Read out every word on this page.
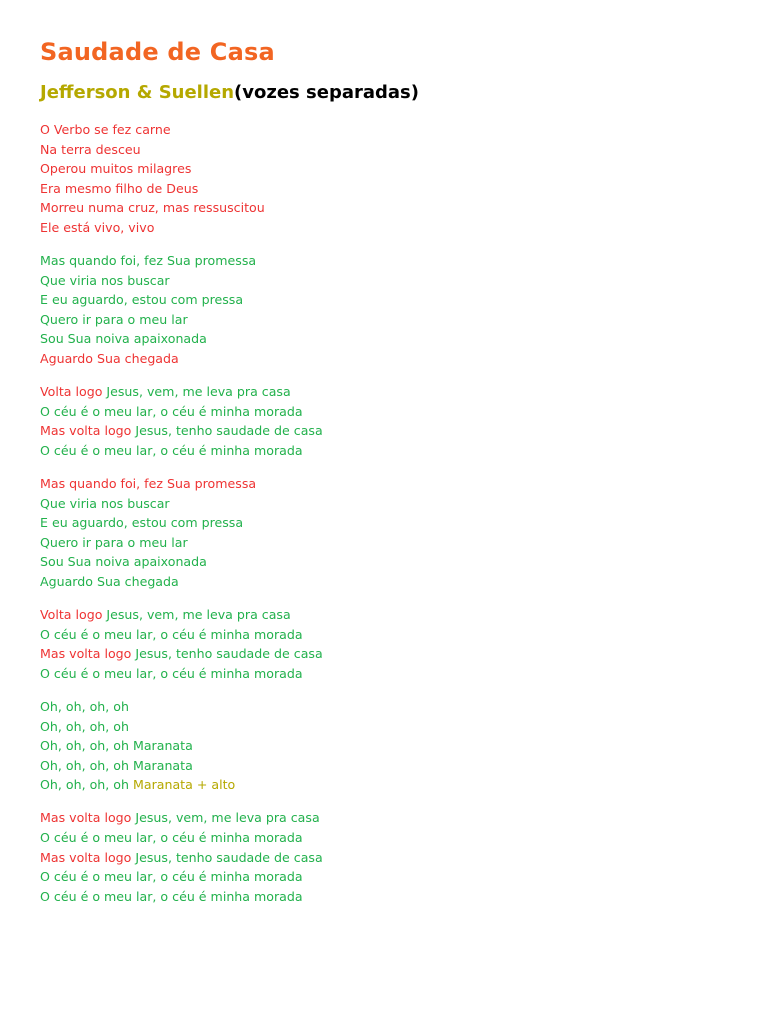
Saudade de Casa
Jefferson & Suellen(vozes separadas)
O Verbo se fez carne
Na terra desceu
Operou muitos milagres
Era mesmo filho de Deus
Morreu numa cruz, mas ressuscitou
Ele está vivo, vivo
Mas quando foi, fez Sua promessa
Que viria nos buscar
E eu aguardo, estou com pressa
Quero ir para o meu lar
Sou Sua noiva apaixonada
Aguardo Sua chegada
Volta logo Jesus, vem, me leva pra casa
O céu é o meu lar, o céu é minha morada
Mas volta logo Jesus, tenho saudade de casa
O céu é o meu lar, o céu é minha morada
Mas quando foi, fez Sua promessa
Que viria nos buscar
E eu aguardo, estou com pressa
Quero ir para o meu lar
Sou Sua noiva apaixonada
Aguardo Sua chegada
Volta logo Jesus, vem, me leva pra casa
O céu é o meu lar, o céu é minha morada
Mas volta logo Jesus, tenho saudade de casa
O céu é o meu lar, o céu é minha morada
Oh, oh, oh, oh
Oh, oh, oh, oh
Oh, oh, oh, oh Maranata
Oh, oh, oh, oh Maranata
Oh, oh, oh, oh Maranata + alto
Mas volta logo Jesus, vem, me leva pra casa
O céu é o meu lar, o céu é minha morada
Mas volta logo Jesus, tenho saudade de casa
O céu é o meu lar, o céu é minha morada
O céu é o meu lar, o céu é minha morada
